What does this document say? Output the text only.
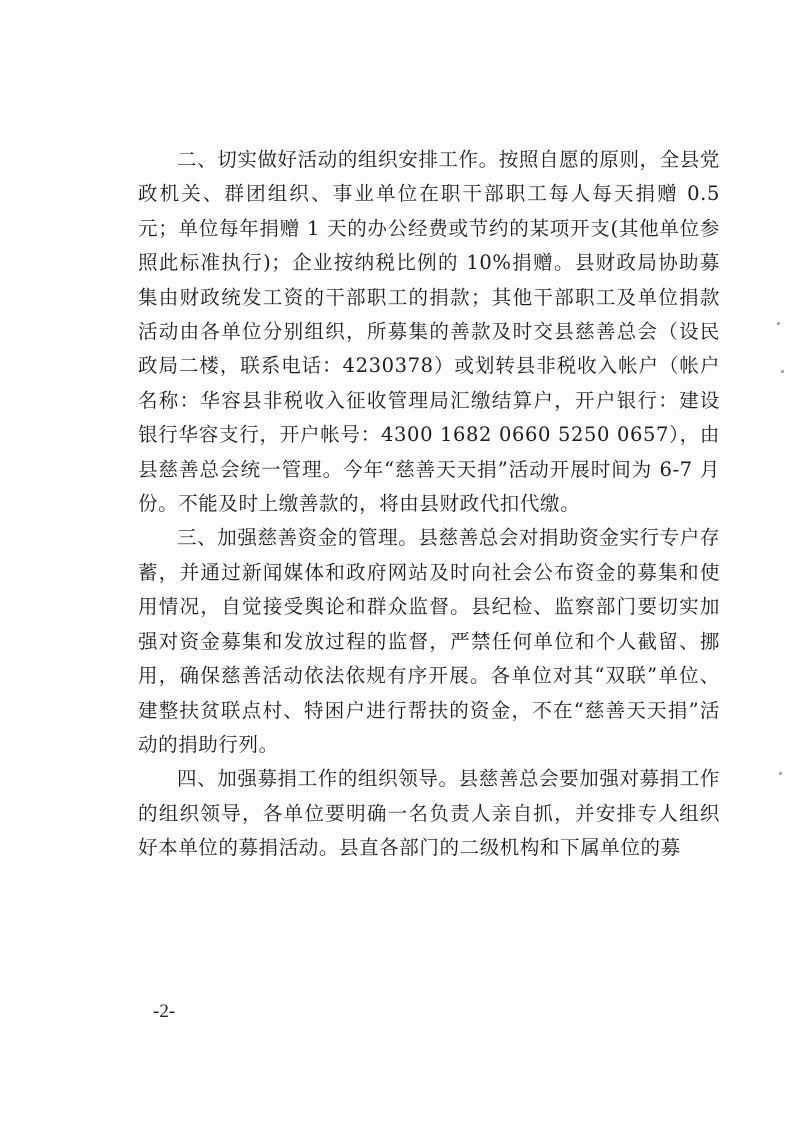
二、切实做好活动的组织安排工作。按照自愿的原则，全县党政机关、群团组织、事业单位在职干部职工每人每天捐赠 0.5元；单位每年捐赠 1 天的办公经费或节约的某项开支(其他单位参照此标准执行)；企业按纳税比例的 10%捐赠。县财政局协助募集由财政统发工资的干部职工的捐款；其他干部职工及单位捐款活动由各单位分别组织，所募集的善款及时交县慈善总会（设民政局二楼，联系电话：4230378）或划转县非税收入帐户（帐户名称：华容县非税收入征收管理局汇缴结算户，开户银行：建设银行华容支行，开户帐号：4300 1682 0660 5250 0657），由县慈善总会统一管理。今年“慈善天天捐”活动开展时间为 6-7 月份。不能及时上缴善款的，将由县财政代扣代缴。

三、加强慈善资金的管理。县慈善总会对捐助资金实行专户存蓄，并通过新闻媒体和政府网站及时向社会公布资金的募集和使用情况，自觉接受舆论和群众监督。县纪检、监察部门要切实加强对资金募集和发放过程的监督，严禁任何单位和个人截留、挪用，确保慈善活动依法依规有序开展。各单位对其“双联”单位、建整扶贫联点村、特困户进行帮扶的资金，不在“慈善天天捐”活动的捐助行列。

四、加强募捐工作的组织领导。县慈善总会要加强对募捐工作的组织领导，各单位要明确一名负责人亲自抓，并安排专人组织好本单位的募捐活动。县直各部门的二级机构和下属单位的募

-2-
